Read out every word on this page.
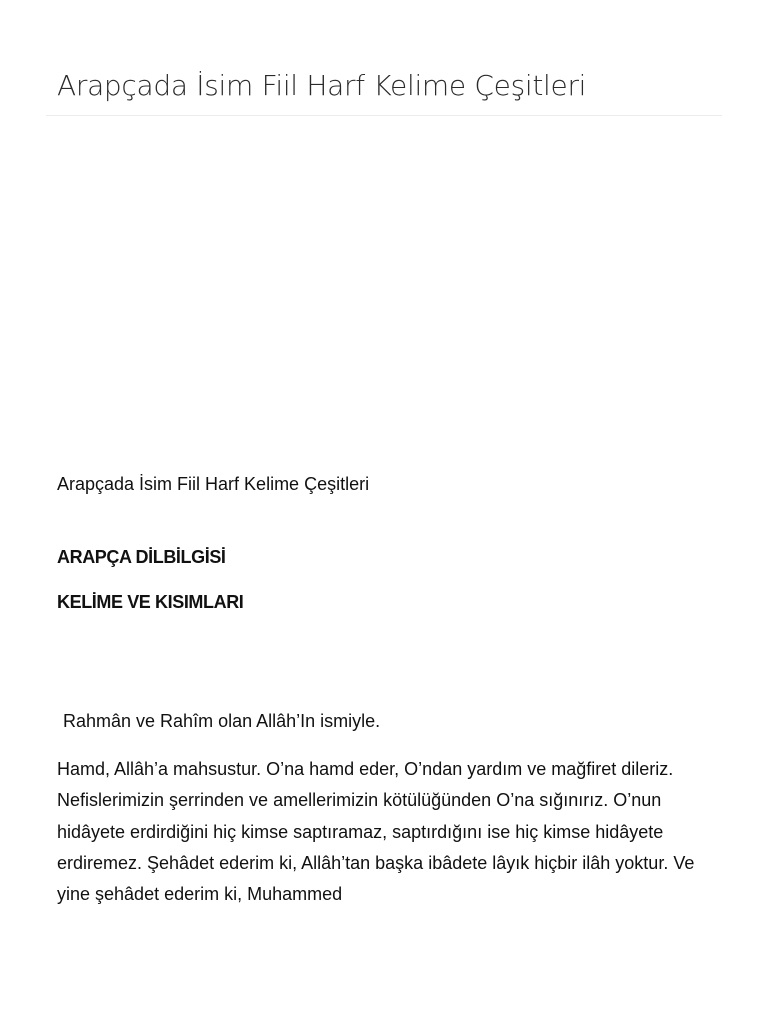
Arapçada İsim Fiil Harf Kelime Çeşitleri

Arapçada İsim Fiil Harf Kelime Çeşitleri

ARAPÇA DİLBİLGİSİ

KELİME VE KISIMLARI

Rahmân ve Rahîm olan Allâh’In ismiyle.

Hamd, Allâh’a mahsustur. O’na hamd eder, O’ndan yardım ve mağfiret dileriz. Nefislerimizin şerrinden ve amellerimizin kötülüğünden O’na sığınırız. O’nun hidâyete erdirdiğini hiç kimse saptıramaz, saptırdığını ise hiç kimse hidâyete erdiremez. Şehâdet ederim ki, Allâh’tan başka ibâdete lâyık hiçbir ilâh yoktur. Ve yine şehâdet ederim ki, Muhammed
